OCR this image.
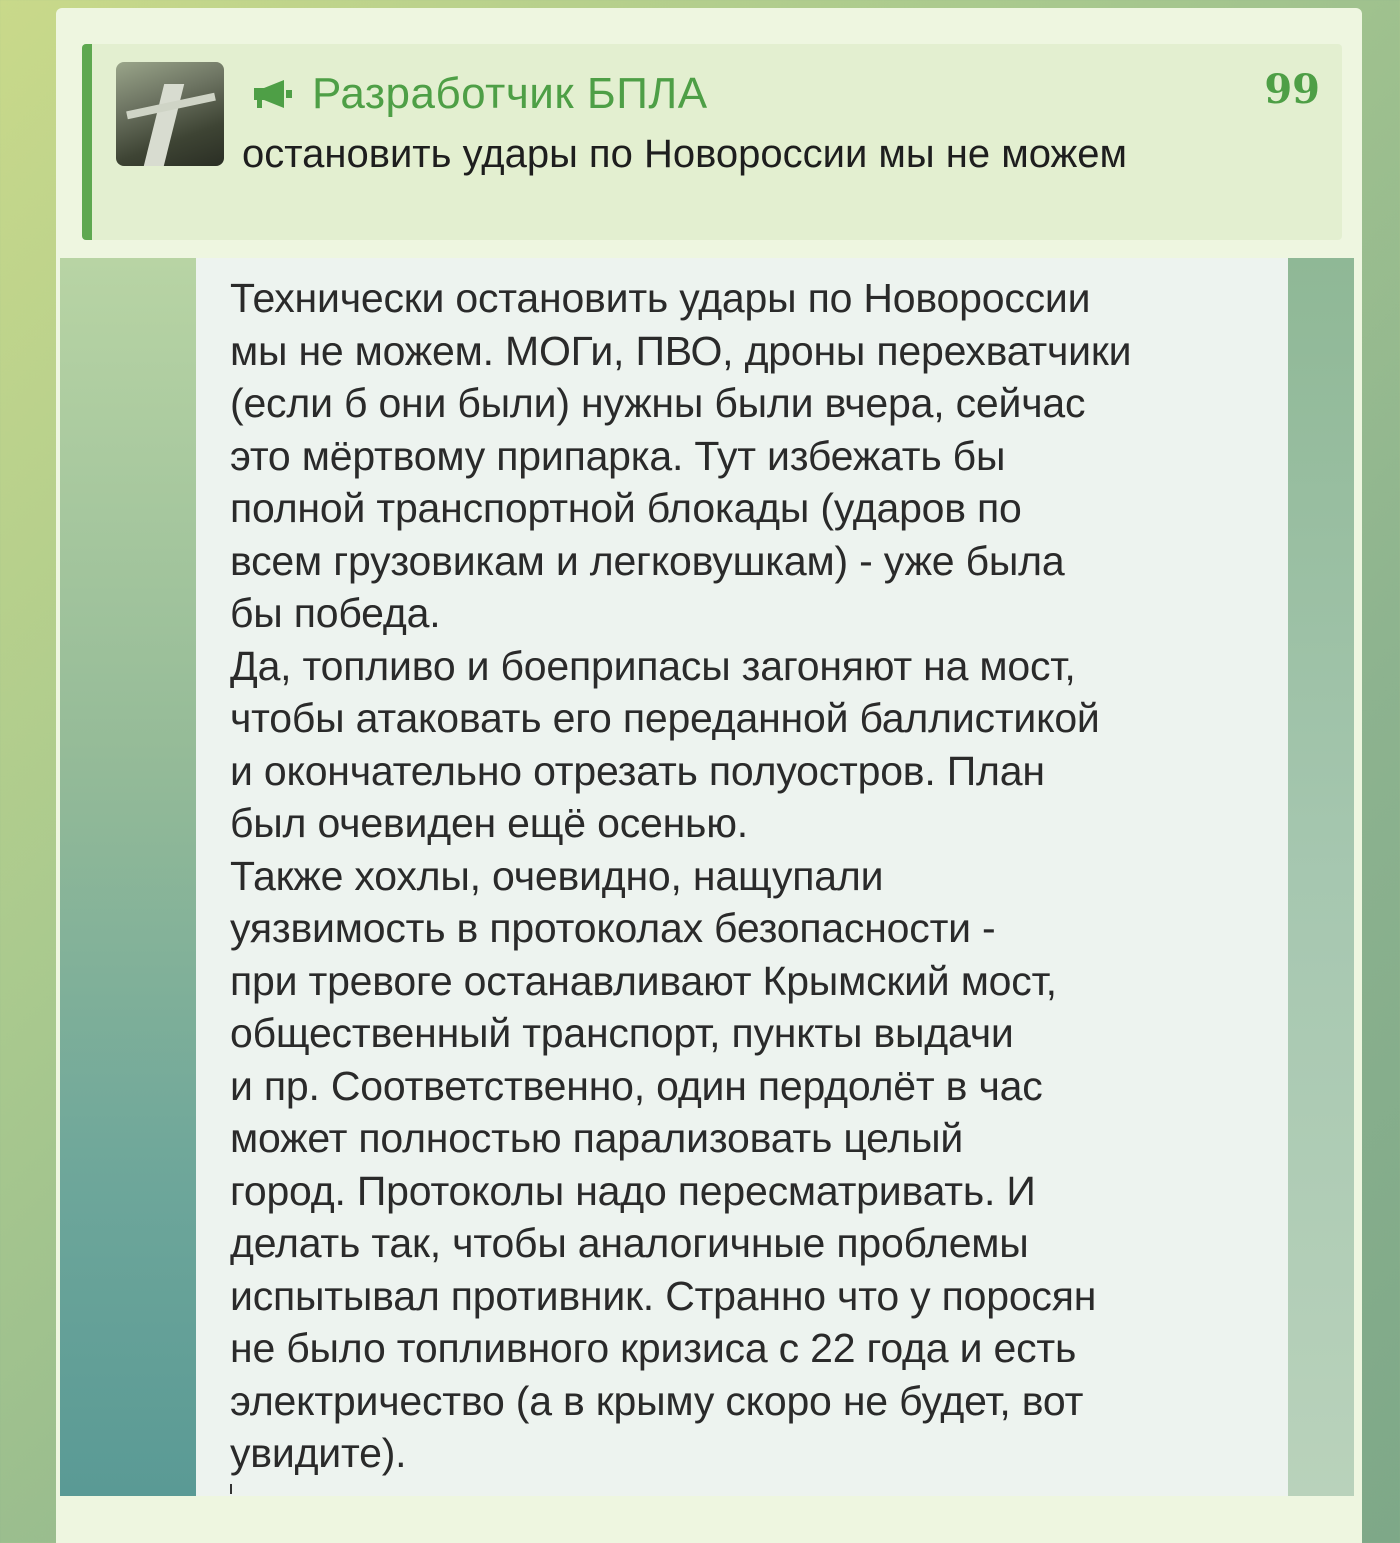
Разработчик БПЛА	99
остановить удары по Новороссии мы не можем
Технически остановить удары по Новороссии
мы не можем. МОГи, ПВО, дроны перехватчики
(если б они были) нужны были вчера, сейчас
это мёртвому припарка. Тут избежать бы
полной транспортной блокады (ударов по
всем грузовикам и легковушкам) - уже была
бы победа.
Да, топливо и боеприпасы загоняют на мост,
чтобы атаковать его переданной баллистикой
и окончательно отрезать полуостров. План
был очевиден ещё осенью.
Также хохлы, очевидно, нащупали
уязвимость в протоколах безопасности -
при тревоге останавливают Крымский мост,
общественный транспорт, пункты выдачи
и пр. Соответственно, один пердолёт в час
может полностью парализовать целый
город. Протоколы надо пересматривать. И
делать так, чтобы аналогичные проблемы
испытывал противник. Странно что у поросян
не было топливного кризиса с 22 года и есть
электричество (а в крыму скоро не будет, вот
увидите).
